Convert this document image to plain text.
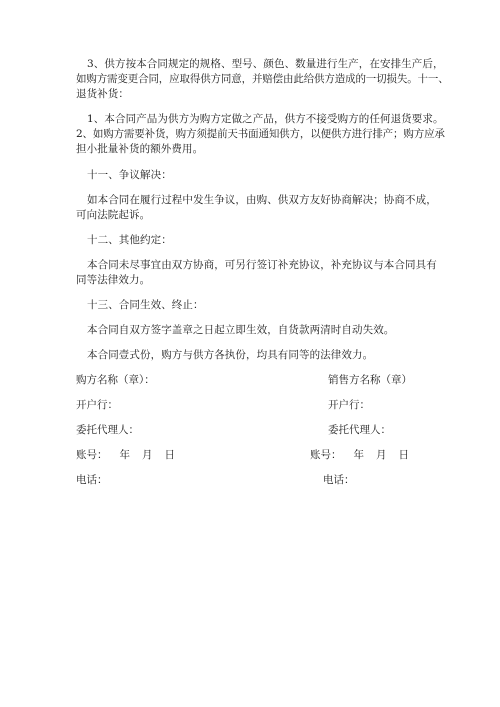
3、供方按本合同规定的规格、型号、颜色、数量进行生产，在安排生产后，
如购方需变更合同，应取得供方同意，并赔偿由此给供方造成的一切损失。十一、
退货补货：
1、本合同产品为供方为购方定做之产品，供方不接受购方的任何退货要求。
2、如购方需要补货，购方须提前天书面通知供方，以便供方进行排产；购方应承
担小批量补货的额外费用。
十一、争议解决：
如本合同在履行过程中发生争议，由购、供双方友好协商解决；协商不成，
可向法院起诉。
十二、其他约定：
本合同未尽事宜由双方协商，可另行签订补充协议，补充协议与本合同具有
同等法律效力。
十三、合同生效、终止：
本合同自双方签字盖章之日起立即生效，自货款两清时自动失效。
本合同壹式份，购方与供方各执份，均具有同等的法律效力。
购方名称（章）：
开户行：
委托代理人：
账号： 年 月 日
电话：
销售方名称（章）
开户行：
委托代理人：
账号： 年 月 日
电话：
